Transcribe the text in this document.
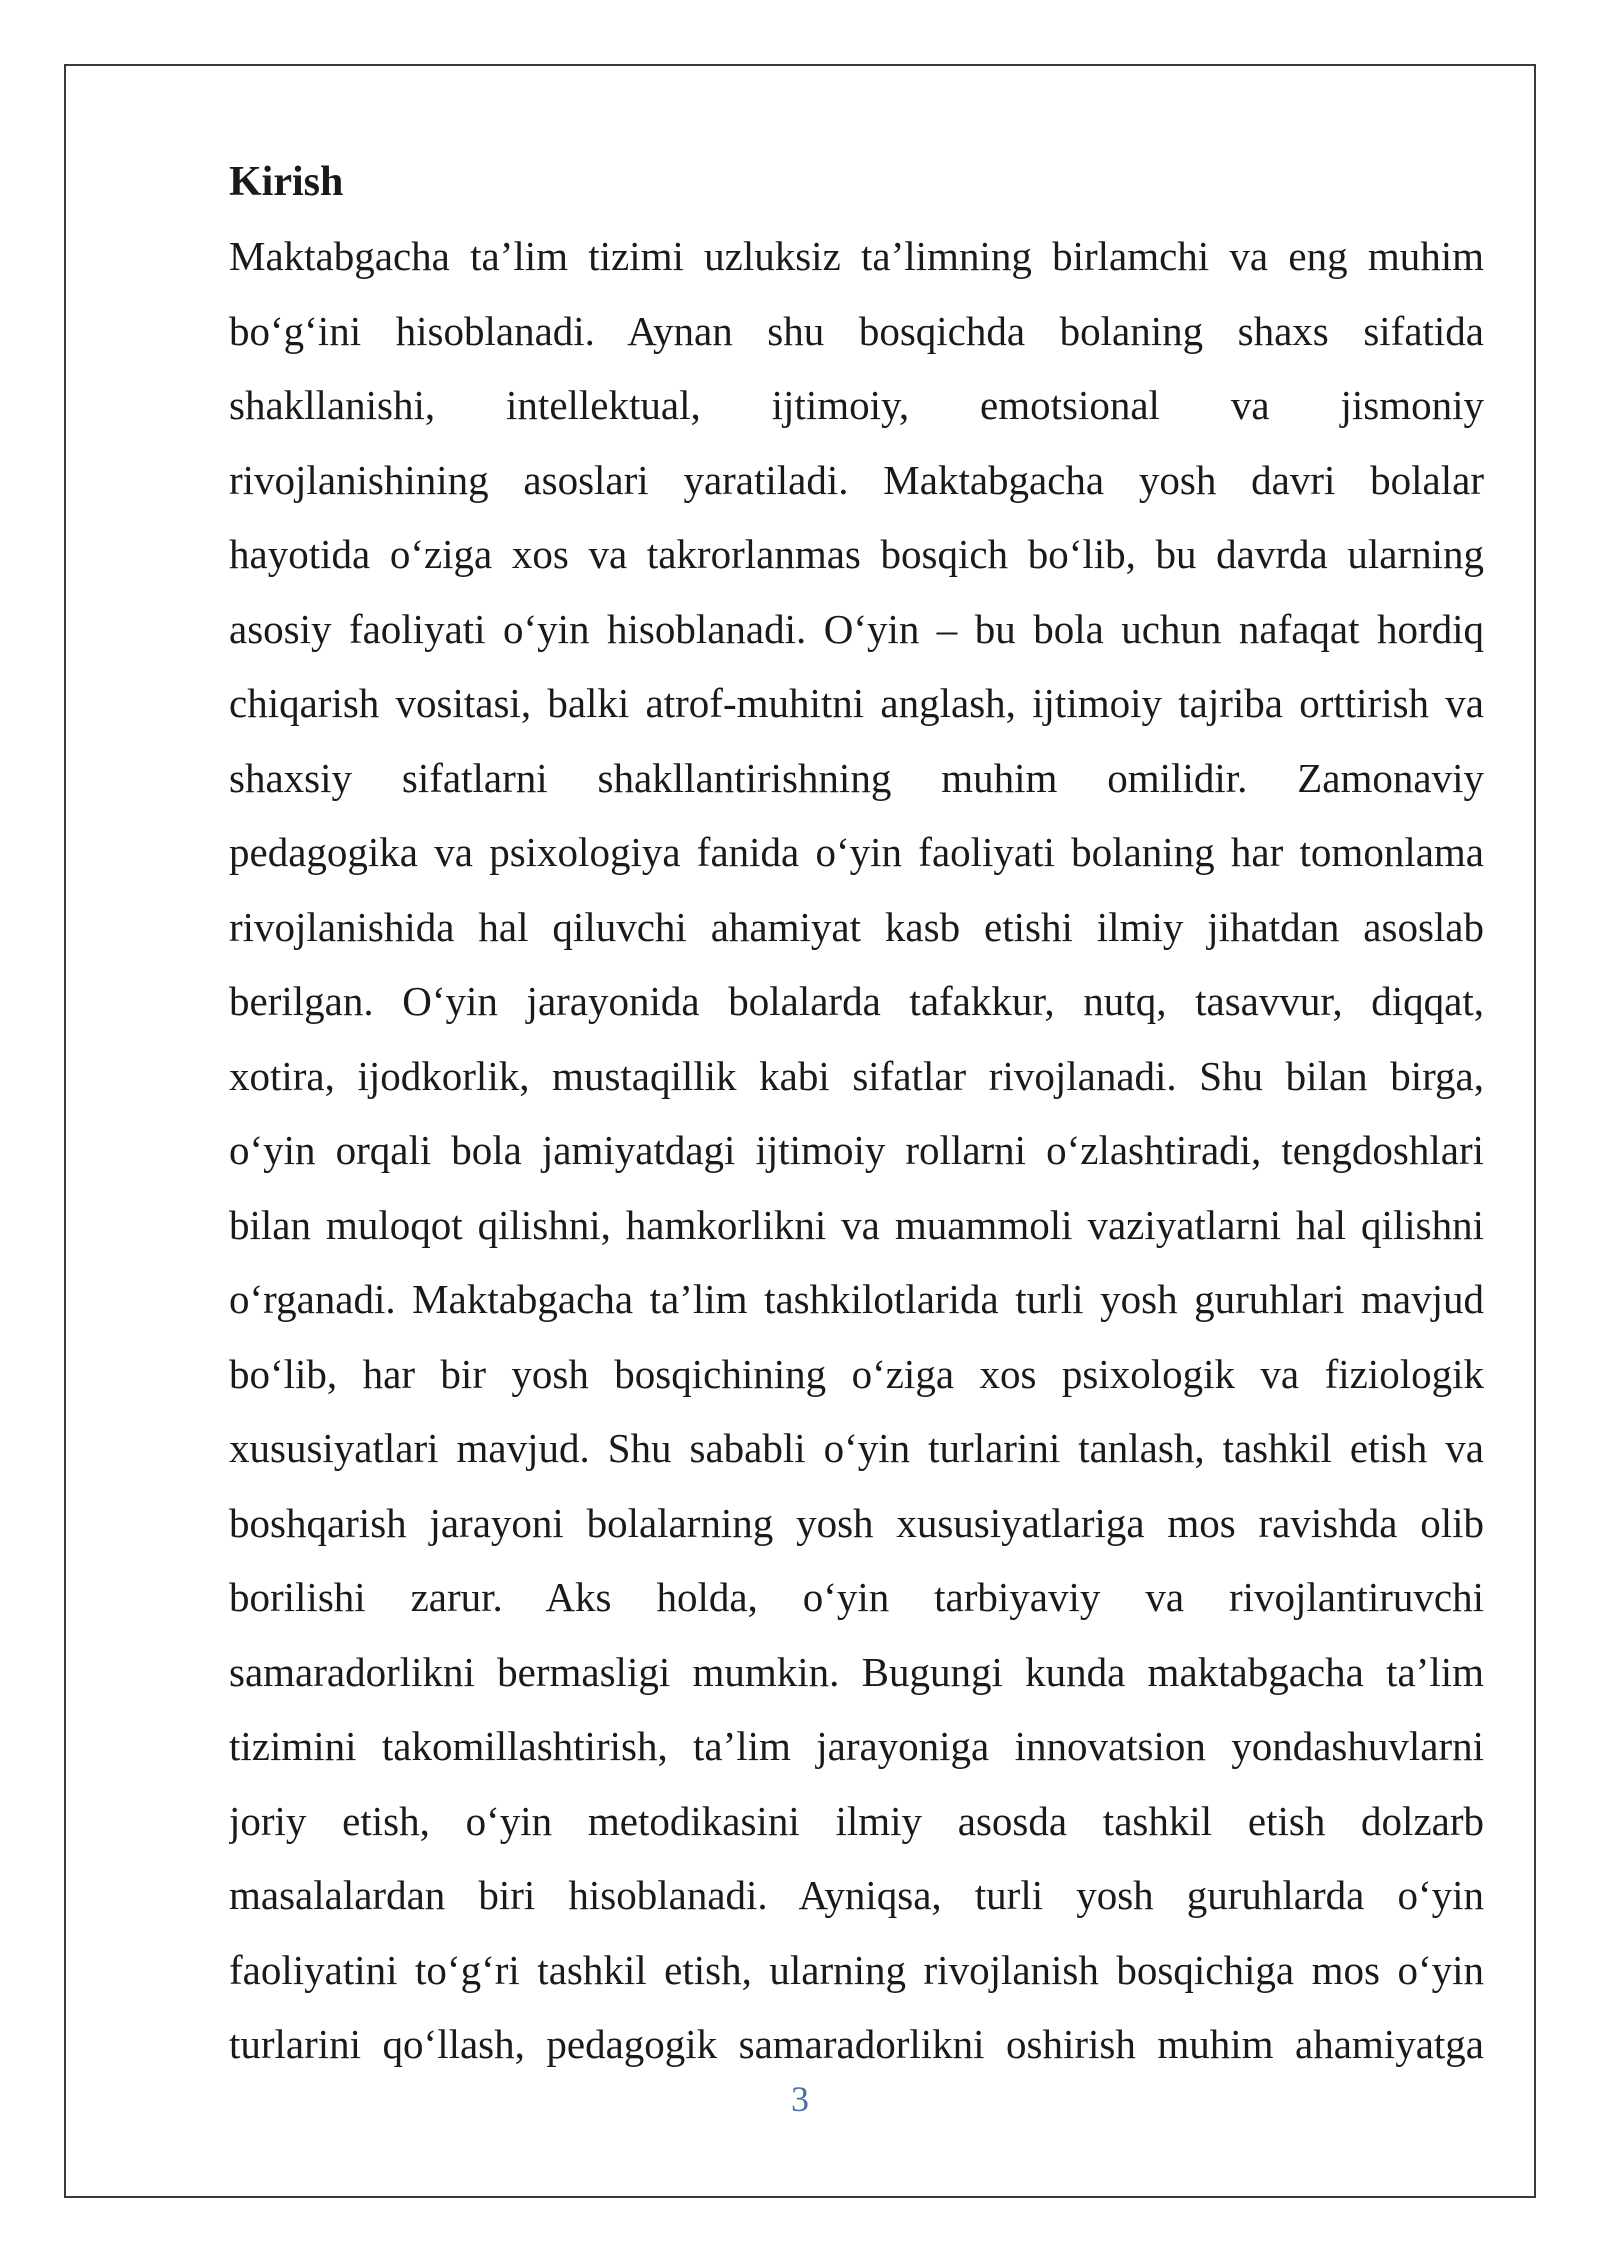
Kirish

Maktabgacha ta’lim tizimi uzluksiz ta’limning birlamchi va eng muhim

bo‘g‘ini hisoblanadi. Aynan shu bosqichda bolaning shaxs sifatida

shakllanishi, intellektual, ijtimoiy, emotsional va jismoniy

rivojlanishining asoslari yaratiladi. Maktabgacha yosh davri bolalar

hayotida o‘ziga xos va takrorlanmas bosqich bo‘lib, bu davrda ularning

asosiy faoliyati o‘yin hisoblanadi. O‘yin – bu bola uchun nafaqat hordiq

chiqarish vositasi, balki atrof-muhitni anglash, ijtimoiy tajriba orttirish va

shaxsiy sifatlarni shakllantirishning muhim omilidir. Zamonaviy

pedagogika va psixologiya fanida o‘yin faoliyati bolaning har tomonlama

rivojlanishida hal qiluvchi ahamiyat kasb etishi ilmiy jihatdan asoslab

berilgan. O‘yin jarayonida bolalarda tafakkur, nutq, tasavvur, diqqat,

xotira, ijodkorlik, mustaqillik kabi sifatlar rivojlanadi. Shu bilan birga,

o‘yin orqali bola jamiyatdagi ijtimoiy rollarni o‘zlashtiradi, tengdoshlari

bilan muloqot qilishni, hamkorlikni va muammoli vaziyatlarni hal qilishni

o‘rganadi. Maktabgacha ta’lim tashkilotlarida turli yosh guruhlari mavjud

bo‘lib, har bir yosh bosqichining o‘ziga xos psixologik va fiziologik

xususiyatlari mavjud. Shu sababli o‘yin turlarini tanlash, tashkil etish va

boshqarish jarayoni bolalarning yosh xususiyatlariga mos ravishda olib

borilishi zarur. Aks holda, o‘yin tarbiyaviy va rivojlantiruvchi

samaradorlikni bermasligi mumkin. Bugungi kunda maktabgacha ta’lim

tizimini takomillashtirish, ta’lim jarayoniga innovatsion yondashuvlarni

joriy etish, o‘yin metodikasini ilmiy asosda tashkil etish dolzarb

masalalardan biri hisoblanadi. Ayniqsa, turli yosh guruhlarda o‘yin

faoliyatini to‘g‘ri tashkil etish, ularning rivojlanish bosqichiga mos o‘yin

turlarini qo‘llash, pedagogik samaradorlikni oshirish muhim ahamiyatga

3
